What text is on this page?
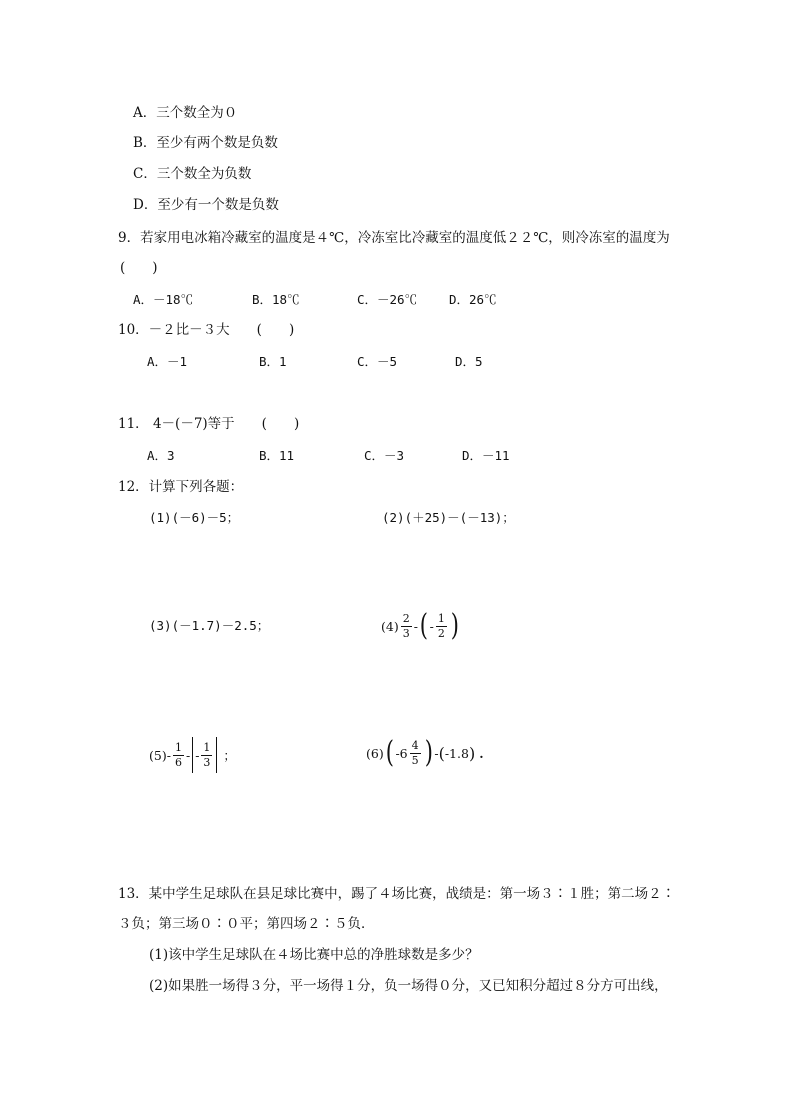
A．三个数全为０
B．至少有两个数是负数
C．三个数全为负数
D．至少有一个数是负数
9．若家用电冰箱冷藏室的温度是４℃，冷冻室比冷藏室的温度低２２℃，则冷冻室的温度为
(　　)
A．－18℃	B．18℃	C．－26℃	D．26℃
10．－２比－３大　　(　　)
A．－1	B．1	C．－5	D．5
11． 4－(－7)等于　　(　　)
A．3	B．11	C．－3	D．－11
12．计算下列各题：
(1)(－6)－5；	(2)(＋25)－(－13)；
(3)(－1.7)－2.5；	$(4) \frac{2}{3}$ - ( - $\frac{1}{2}$ )
$(5) - \frac{1}{6}$ - - $\frac{1}{3}$ ；	(6) ( $-6 \frac{4}{5}$ ) - ( -1.8 ) .
13．某中学生足球队在县足球比赛中，踢了４场比赛，战绩是：第一场３∶１胜；第二场２∶
３负；第三场０∶０平；第四场２∶５负．
(1)该中学生足球队在４场比赛中总的净胜球数是多少？
(2)如果胜一场得３分，平一场得１分，负一场得０分，又已知积分超过８分方可出线，
